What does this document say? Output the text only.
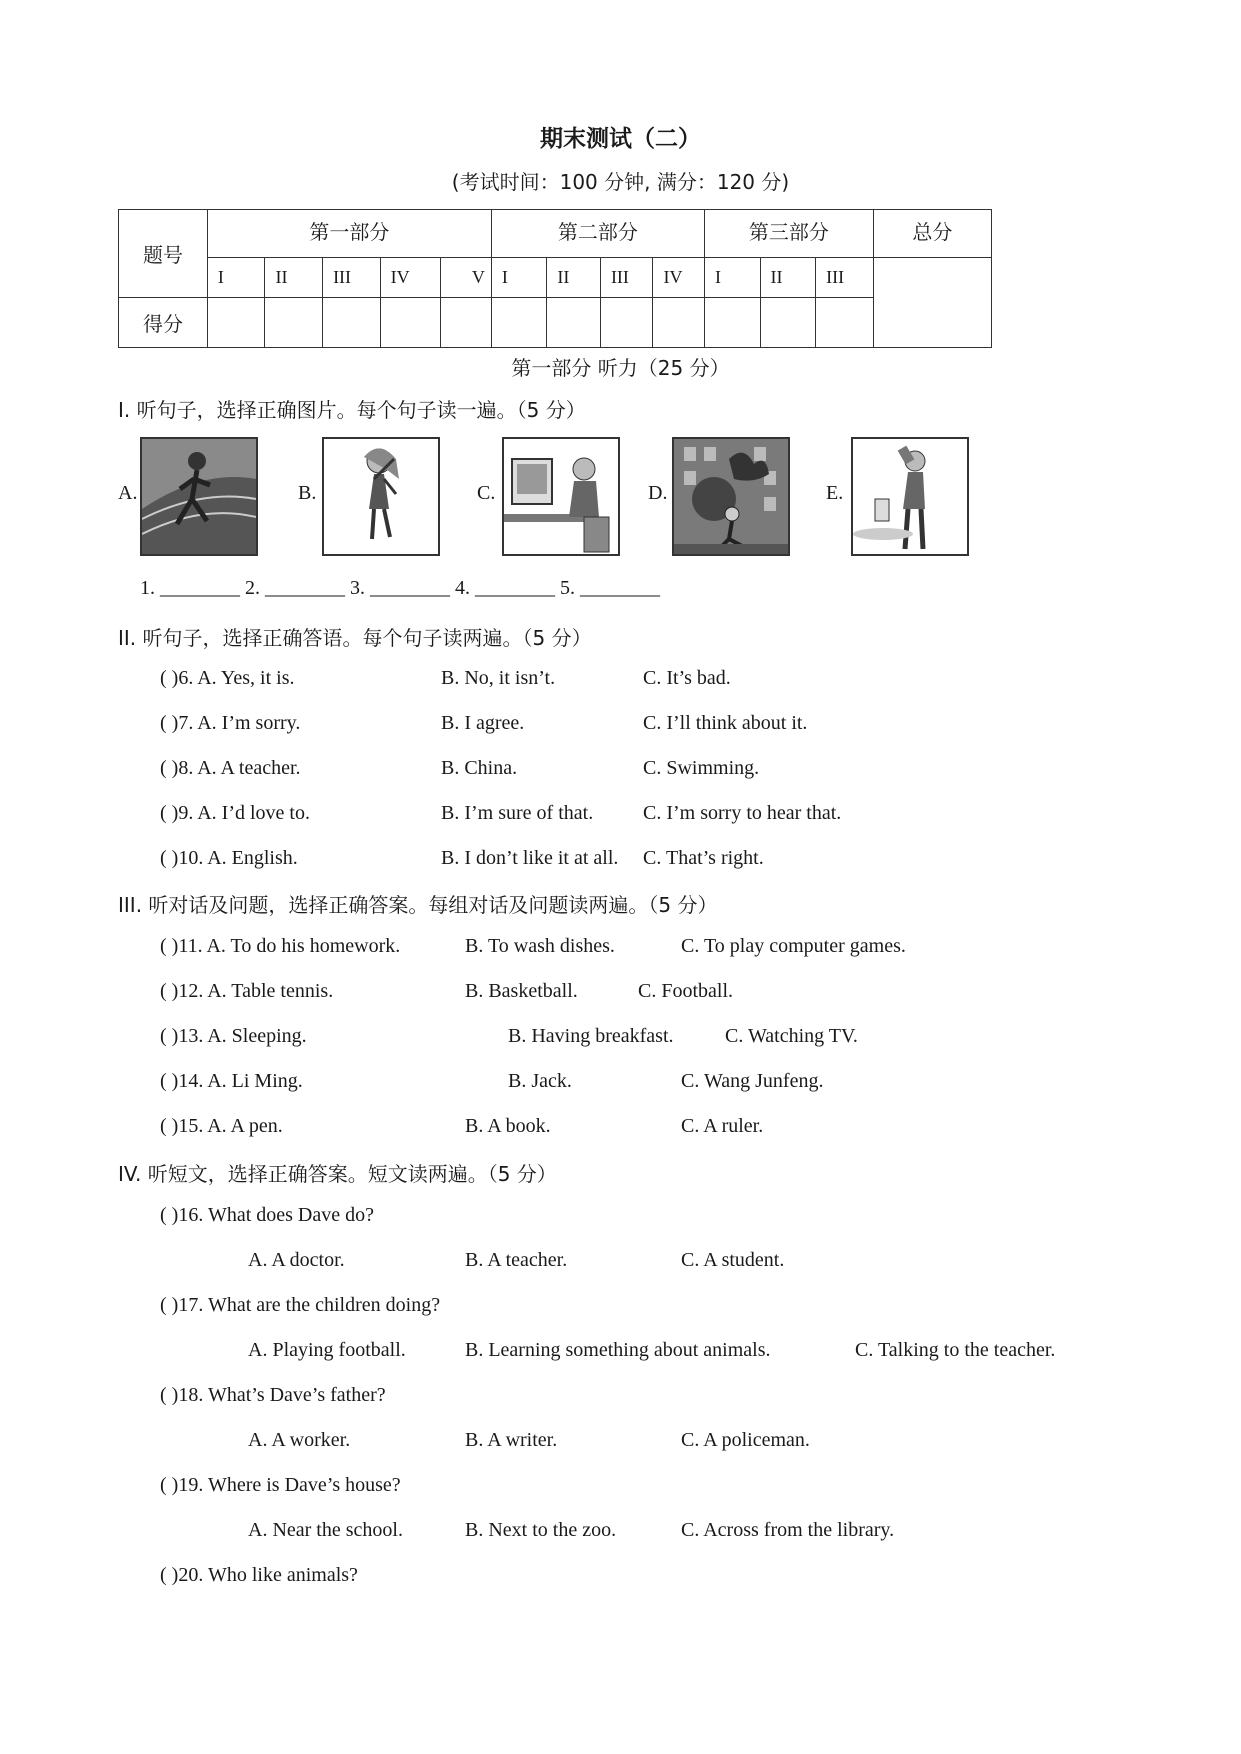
期末测试（二）
(考试时间：100 分钟, 满分：120 分)
题号	第一部分					第二部分				第三部分			总分
	I	II	III	IV	V	I	II	III	IV	I	II	III	
得分													
第一部分 听力（25 分）
I. 听句子，选择正确图片。每个句子读一遍。（5 分）
A.	B.	C.	D.	E.
1. ________ 2. ________ 3. ________ 4. ________ 5. ________
II. 听句子，选择正确答语。每个句子读两遍。（5 分）
( )6. A. Yes, it is.	B. No, it isn’t.	C. It’s bad.
( )7. A. I’m sorry.	B. I agree.	C. I’ll think about it.
( )8. A. A teacher.	B. China.	C. Swimming.
( )9. A. I’d love to.	B. I’m sure of that. C. I’m sorry to hear that.
( )10. A. English.	B. I don’t like it at all. C. That’s right.
III. 听对话及问题，选择正确答案。每组对话及问题读两遍。（5 分）
( )11. A. To do his homework.	B. To wash dishes.	C. To play computer games.
( )12. A. Table tennis.	B. Basketball.	C. Football.
( )13. A. Sleeping.	B. Having breakfast.	C. Watching TV.
( )14. A. Li Ming.	B. Jack.	C. Wang Junfeng.
( )15. A. A pen.	B. A book.	C. A ruler.
IV. 听短文，选择正确答案。短文读两遍。（5 分）
( )16. What does Dave do?
A. A doctor.	B. A teacher.	C. A student.
( )17. What are the children doing?
A. Playing football.	B. Learning something about animals.	C. Talking to the teacher.
( )18. What’s Dave’s father?
A. A worker.	B. A writer.	C. A policeman.
( )19. Where is Dave’s house?
A. Near the school.	B. Next to the zoo.	C. Across from the library.
( )20. Who like animals?
